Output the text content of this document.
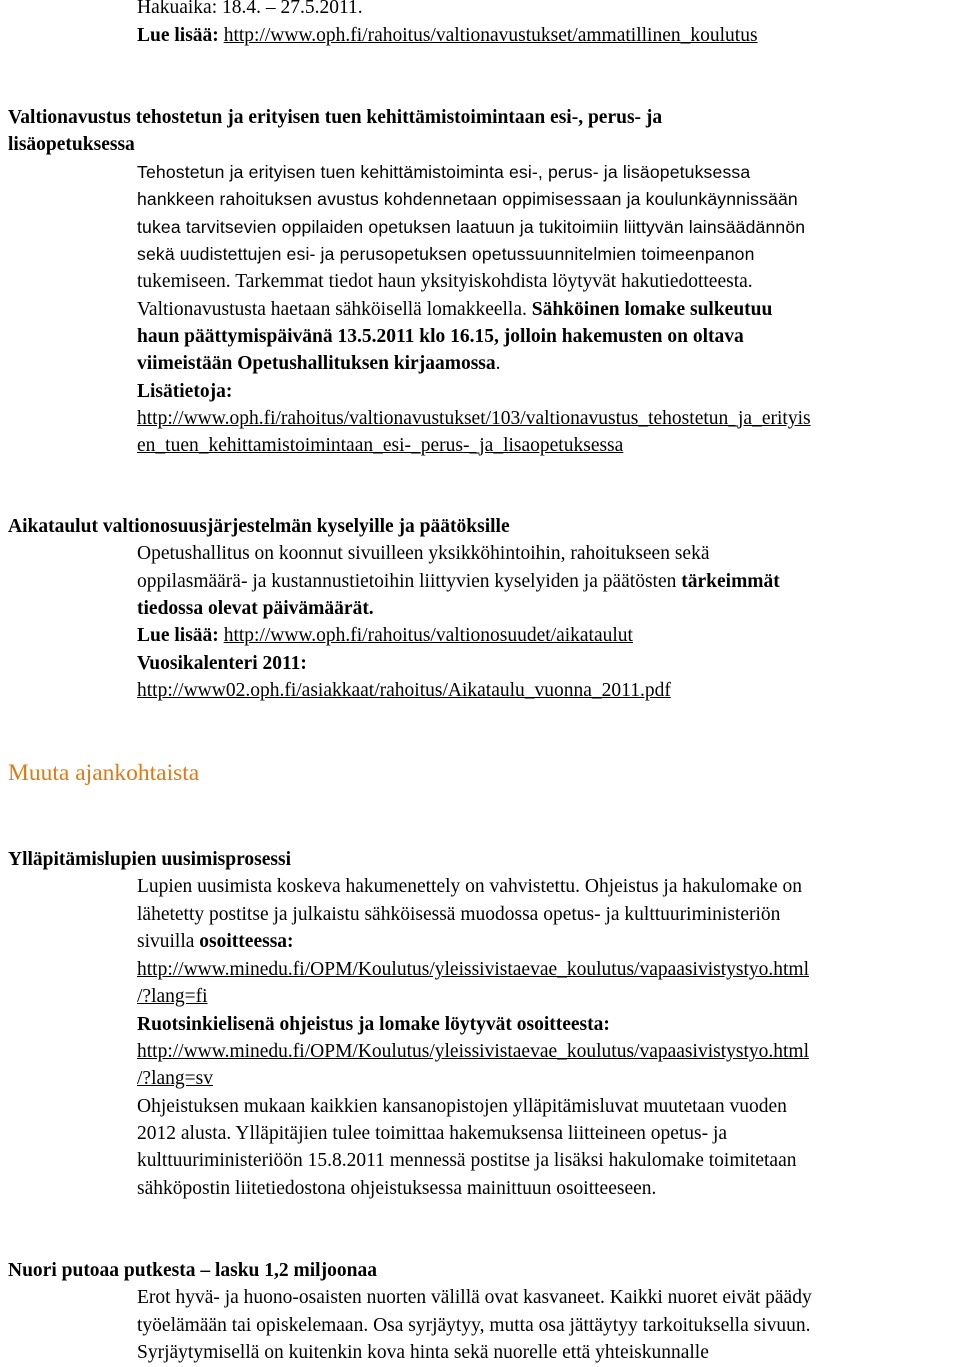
Hakuaika: 18.4. – 27.5.2011.
Lue lisää: http://www.oph.fi/rahoitus/valtionavustukset/ammatillinen_koulutus
Valtionavustus tehostetun ja erityisen tuen kehittämistoimintaan esi-, perus- ja
lisäopetuksessa
Tehostetun ja erityisen tuen kehittämistoiminta esi-, perus- ja lisäopetuksessa
hankkeen rahoituksen avustus kohdennetaan oppimisessaan ja koulunkäynnissään
tukea tarvitsevien oppilaiden opetuksen laatuun ja tukitoimiin liittyvän lainsäädännön
sekä uudistettujen esi- ja perusopetuksen opetussuunnitelmien toimeenpanon
tukemiseen. Tarkemmat tiedot haun yksityiskohdista löytyvät hakutiedotteesta.
Valtionavustusta haetaan sähköisellä lomakkeella. Sähköinen lomake sulkeutuu
haun päättymispäivänä 13.5.2011 klo 16.15, jolloin hakemusten on oltava
viimeistään Opetushallituksen kirjaamossa.
Lisätietoja:
http://www.oph.fi/rahoitus/valtionavustukset/103/valtionavustus_tehostetun_ja_erityis
en_tuen_kehittamistoimintaan_esi-_perus-_ja_lisaopetuksessa
Aikataulut valtionosuusjärjestelmän kyselyille ja päätöksille
Opetushallitus on koonnut sivuilleen yksikköhintoihin, rahoitukseen sekä
oppilasmäärä- ja kustannustietoihin liittyvien kyselyiden ja päätösten tärkeimmät
tiedossa olevat päivämäärät.
Lue lisää: http://www.oph.fi/rahoitus/valtionosuudet/aikataulut
Vuosikalenteri 2011:
http://www02.oph.fi/asiakkaat/rahoitus/Aikataulu_vuonna_2011.pdf
Muuta ajankohtaista
Ylläpitämislupien uusimisprosessi
Lupien uusimista koskeva hakumenettely on vahvistettu. Ohjeistus ja hakulomake on
lähetetty postitse ja julkaistu sähköisessä muodossa opetus- ja kulttuuriministeriön
sivuilla osoitteessa:
http://www.minedu.fi/OPM/Koulutus/yleissivistaevae_koulutus/vapaasivistystyo.html
/?lang=fi
Ruotsinkielisenä ohjeistus ja lomake löytyvät osoitteesta:
http://www.minedu.fi/OPM/Koulutus/yleissivistaevae_koulutus/vapaasivistystyo.html
/?lang=sv
Ohjeistuksen mukaan kaikkien kansanopistojen ylläpitämisluvat muutetaan vuoden
2012 alusta. Ylläpitäjien tulee toimittaa hakemuksensa liitteineen opetus- ja
kulttuuriministeriöön 15.8.2011 mennessä postitse ja lisäksi hakulomake toimitetaan
sähköpostin liitetiedostona ohjeistuksessa mainittuun osoitteeseen.
Nuori putoaa putkesta – lasku 1,2 miljoonaa
Erot hyvä- ja huono-osaisten nuorten välillä ovat kasvaneet. Kaikki nuoret eivät päädy
työelämään tai opiskelemaan. Osa syrjäytyy, mutta osa jättäytyy tarkoituksella sivuun.
Syrjäytymisellä on kuitenkin kova hinta sekä nuorelle että yhteiskunnalle
